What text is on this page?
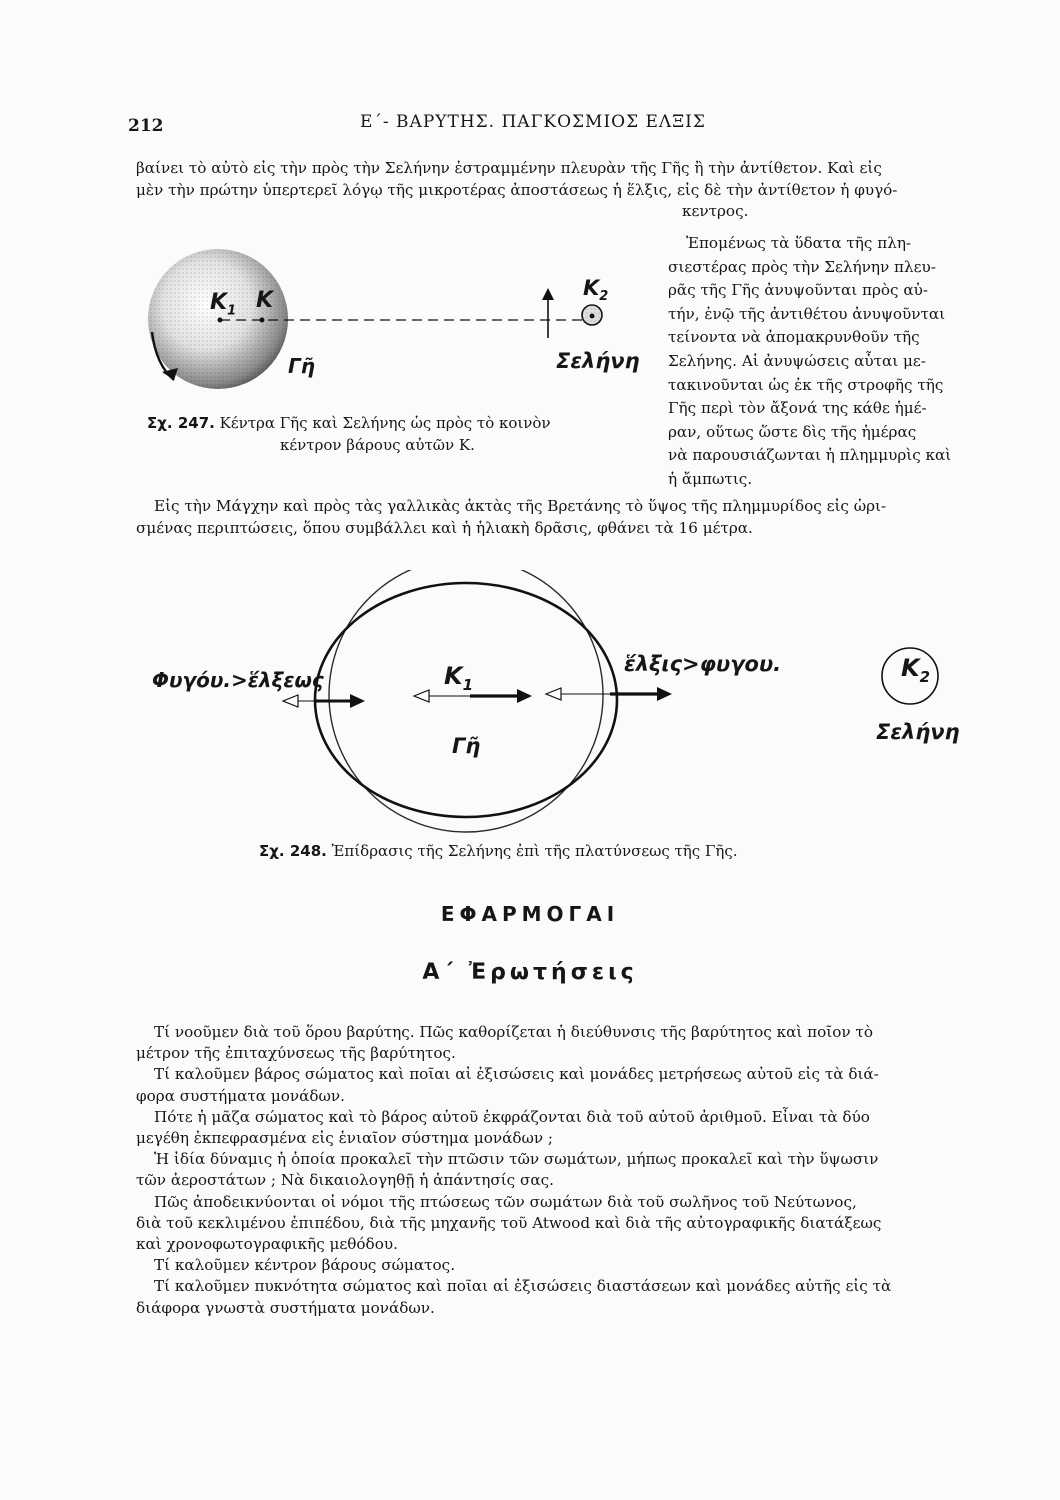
212	Ε΄- ΒΑΡΥΤΗΣ. ΠΑΓΚΟΣΜΙΟΣ ΕΛΞΙΣ

βαίνει τὸ αὐτὸ εἰς τὴν πρὸς τὴν Σελήνην ἐστραμμένην πλευρὰν τῆς Γῆς ἢ τὴν ἀντίθετον. Καὶ εἰς
μὲν τὴν πρώτην ὑπερτερεῖ λόγῳ τῆς μικροτέρας ἀποστάσεως ἡ ἕλξις, εἰς δὲ τὴν ἀντίθετον ἡ φυγό-
κεντρος.

Ἐπομένως τὰ ὕδατα τῆς πλη-
σιεστέρας πρὸς τὴν Σελήνην πλευ-
ρᾶς τῆς Γῆς ἀνυψοῦνται πρὸς αὐ-
τήν, ἐνῷ τῆς ἀντιθέτου ἀνυψοῦνται
τείνοντα νὰ ἀπομακρυνθοῦν τῆς
Σελήνης. Αἱ ἀνυψώσεις αὗται με-
τακινοῦνται ὡς ἐκ τῆς στροφῆς τῆς
Γῆς περὶ τὸν ἄξονά της κάθε ἡμέ-
ραν, οὕτως ὥστε δὶς τῆς ἡμέρας
νὰ παρουσιάζωνται ἡ πλημμυρὶς καὶ
ἡ ἄμπωτις.

$K_1$ K	$K_2$
Γῆ	Σελήνη
Σχ. 247. Κέντρα Γῆς καὶ Σελήνης ὡς πρὸς τὸ κοινὸν
κέντρον βάρους αὐτῶν Κ.

Εἰς τὴν Μάγχην καὶ πρὸς τὰς γαλλικὰς ἀκτὰς τῆς Βρετάνης τὸ ὕψος τῆς πλημμυρίδος εἰς ὡρι-
σμένας περιπτώσεις, ὅπου συμβάλλει καὶ ἡ ἡλιακὴ δρᾶσις, φθάνει τὰ 16 μέτρα.

Φυγόυ.>ἕλξεως
ἕλξις>φυγου.
$K_1$
Γῆ
$K_2$
Σελήνη
Σχ. 248. Ἐπίδρασις τῆς Σελήνης ἐπὶ τῆς πλατύνσεως τῆς Γῆς.
ΕΦΑΡΜΟΓΑΙ
Α΄ Ἐρωτήσεις

Τί νοοῦμεν διὰ τοῦ ὅρου βαρύτης. Πῶς καθορίζεται ἡ διεύθυνσις τῆς βαρύτητος καὶ ποῖον τὸ
μέτρον τῆς ἐπιταχύνσεως τῆς βαρύτητος.

Τί καλοῦμεν βάρος σώματος καὶ ποῖαι αἱ ἐξισώσεις καὶ μονάδες μετρήσεως αὐτοῦ εἰς τὰ διά-
φορα συστήματα μονάδων.

Πότε ἡ μᾶζα σώματος καὶ τὸ βάρος αὐτοῦ ἐκφράζονται διὰ τοῦ αὐτοῦ ἀριθμοῦ. Εἶναι τὰ δύο
μεγέθη ἐκπεφρασμένα εἰς ἑνιαῖον σύστημα μονάδων ;

Ἡ ἰδία δύναμις ἡ ὁποία προκαλεῖ τὴν πτῶσιν τῶν σωμάτων, μήπως προκαλεῖ καὶ τὴν ὕψωσιν
τῶν ἀεροστάτων ; Νὰ δικαιολογηθῇ ἡ ἀπάντησίς σας.

Πῶς ἀποδεικνύονται οἱ νόμοι τῆς πτώσεως τῶν σωμάτων διὰ τοῦ σωλῆνος τοῦ Νεύτωνος,
διὰ τοῦ κεκλιμένου ἐπιπέδου, διὰ τῆς μηχανῆς τοῦ Atwood καὶ διὰ τῆς αὐτογραφικῆς διατάξεως
καὶ χρονοφωτογραφικῆς μεθόδου.

Τί καλοῦμεν κέντρον βάρους σώματος.

Τί καλοῦμεν πυκνότητα σώματος καὶ ποῖαι αἱ ἐξισώσεις διαστάσεων καὶ μονάδες αὐτῆς εἰς τὰ
διάφορα γνωστὰ συστήματα μονάδων.
